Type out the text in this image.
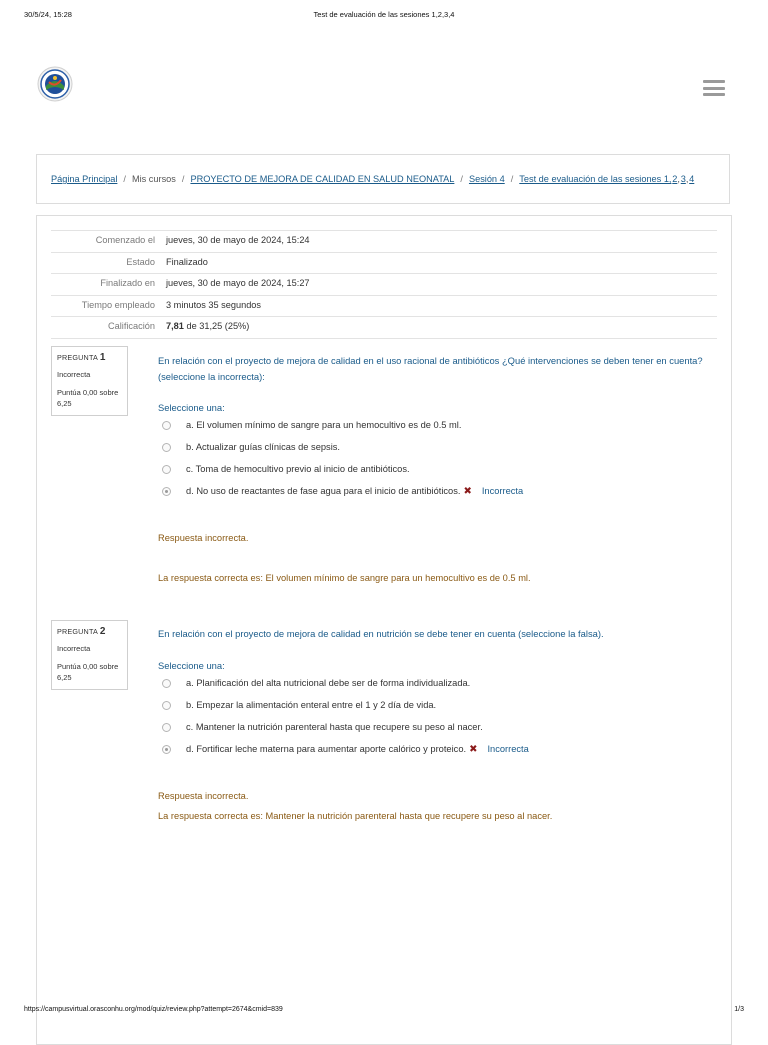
30/5/24, 15:28	Test de evaluación de las sesiones 1,2,3,4
Página Principal / Mis cursos / PROYECTO DE MEJORA DE CALIDAD EN SALUD NEONATAL / Sesión 4 / Test de evaluación de las sesiones 1, 2, 3, 4
Comenzado el jueves, 30 de mayo de 2024, 15:24
Estado Finalizado
Finalizado en jueves, 30 de mayo de 2024, 15:27
Tiempo empleado 3 minutos 35 segundos
Calificación 7,81 de 31,25 (25%)
PREGUNTA 1
Incorrecta
Puntúa 0,00 sobre 6,25
En relación con el proyecto de mejora de calidad en el uso racional de antibióticos ¿Qué intervenciones se deben tener en cuenta? (seleccione la incorrecta):
Seleccione una:
a. El volumen mínimo de sangre para un hemocultivo es de 0.5 ml.
b. Actualizar guías clínicas de sepsis.
c. Toma de hemocultivo previo al inicio de antibióticos.
d. No uso de reactantes de fase agua para el inicio de antibióticos. ✖ Incorrecta
Respuesta incorrecta.
La respuesta correcta es: El volumen mínimo de sangre para un hemocultivo es de 0.5 ml.
PREGUNTA 2
Incorrecta
Puntúa 0,00 sobre 6,25
En relación con el proyecto de mejora de calidad en nutrición se debe tener en cuenta (seleccione la falsa).
Seleccione una:
a. Planificación del alta nutricional debe ser de forma individualizada.
b. Empezar la alimentación enteral entre el 1 y 2 día de vida.
c. Mantener la nutrición parenteral hasta que recupere su peso al nacer.
d. Fortificar leche materna para aumentar aporte calórico y proteico. ✖ Incorrecta
Respuesta incorrecta.
La respuesta correcta es: Mantener la nutrición parenteral hasta que recupere su peso al nacer.
https://campusvirtual.orasconhu.org/mod/quiz/review.php?attempt=2674&cmid=839	1/3
